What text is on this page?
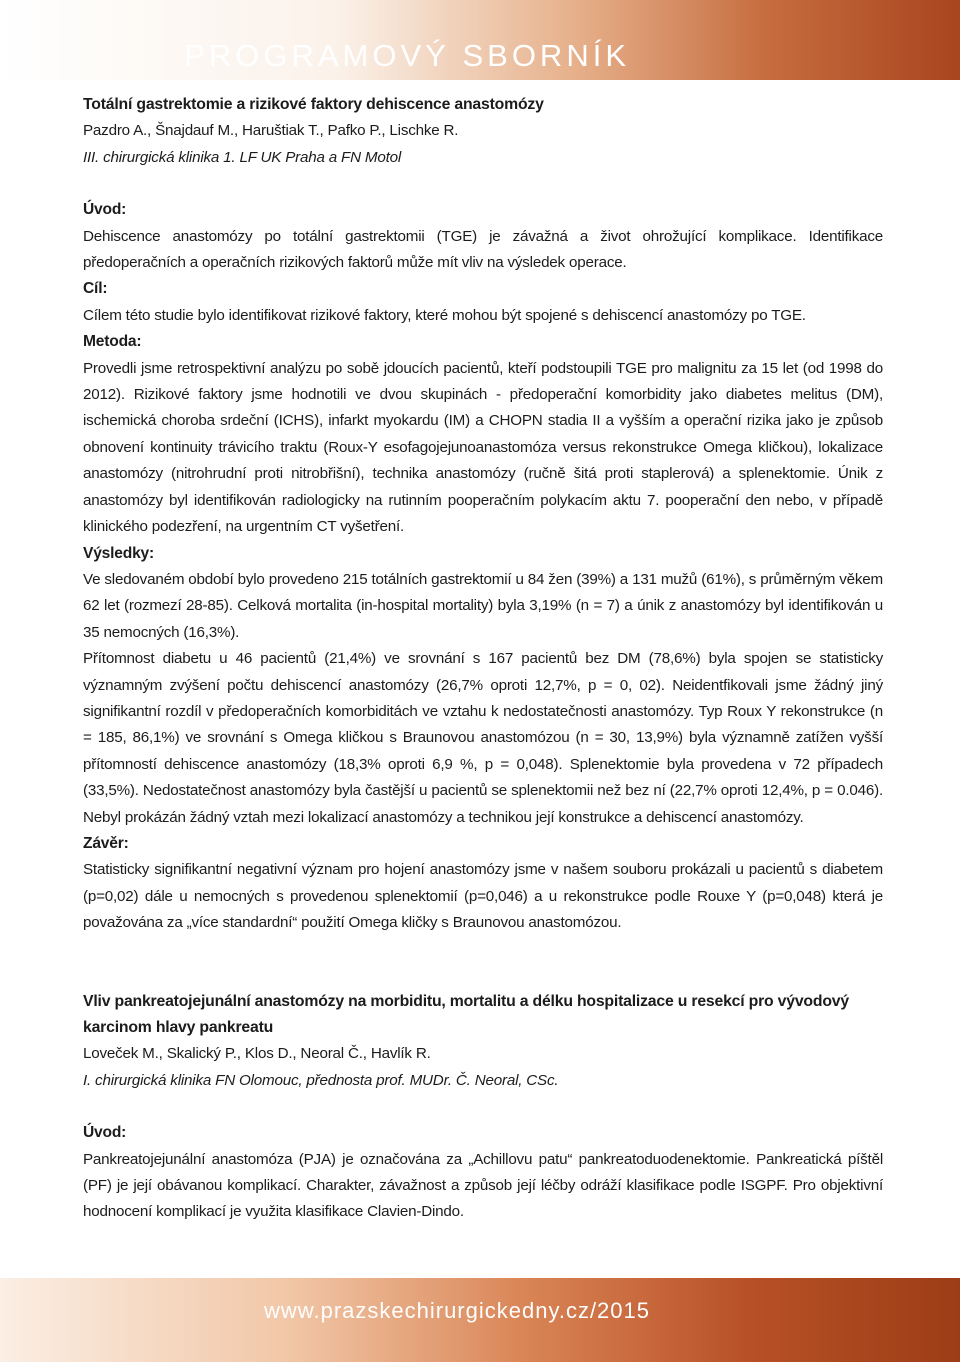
PROGRAMOVÝ SBORNÍK
Totální gastrektomie a rizikové faktory dehiscence anastomózy
Pazdro A., Šnajdauf M., Haruštiak T., Pafko P., Lischke R.
III. chirurgická klinika 1. LF UK Praha a FN Motol
Úvod:
Dehiscence anastomózy po totální gastrektomii (TGE) je závažná a život ohrožující komplikace. Identifikace předoperačních a operačních rizikových faktorů může mít vliv na výsledek operace.
Cíl:
Cílem této studie bylo identifikovat rizikové faktory, které mohou být spojené s dehiscencí anastomózy po TGE.
Metoda:
Provedli jsme retrospektivní analýzu po sobě jdoucích pacientů, kteří podstoupili TGE pro malignitu za 15 let (od 1998 do 2012). Rizikové faktory jsme hodnotili ve dvou skupinách - předoperační komorbidity jako diabetes melitus (DM), ischemická choroba srdeční (ICHS), infarkt myokardu (IM) a CHOPN stadia II a vyšším a operační rizika jako je způsob obnovení kontinuity trávicího traktu (Roux-Y esofagojejunoanastomóza versus rekonstrukce Omega kličkou), lokalizace anastomózy (nitrohrudní proti nitrobřišní), technika anastomózy (ručně šitá proti staplerová) a splenektomie. Únik z anastomózy byl identifikován radiologicky na rutinním pooperačním polykacím aktu 7. pooperační den nebo, v případě klinického podezření, na urgentním CT vyšetření.
Výsledky:
Ve sledovaném období bylo provedeno 215 totálních gastrektomií u 84 žen (39%) a 131 mužů (61%), s průměrným věkem 62 let (rozmezí 28-85). Celková mortalita (in-hospital mortality) byla 3,19% (n = 7) a únik z anastomózy byl identifikován u 35 nemocných (16,3%).
Přítomnost diabetu u 46 pacientů (21,4%) ve srovnání s 167 pacientů bez DM (78,6%) byla spojen se statisticky významným zvýšení počtu dehiscencí anastomózy (26,7% oproti 12,7%, p = 0, 02). Neidentfikovali jsme žádný jiný signifikantní rozdíl v předoperačních komorbiditách ve vztahu k nedostatečnosti anastomózy. Typ Roux Y rekonstrukce (n = 185, 86,1%) ve srovnání s Omega kličkou s Braunovou anastomózou (n = 30, 13,9%) byla významně zatížen vyšší přítomností dehiscence anastomózy (18,3% oproti 6,9 %, p = 0,048). Splenektomie byla provedena v 72 případech (33,5%). Nedostatečnost anastomózy byla častější u pacientů se splenektomii než bez ní (22,7% oproti 12,4%, p = 0.046). Nebyl prokázán žádný vztah mezi lokalizací anastomózy a technikou její konstrukce a dehiscencí anastomózy.
Závěr:
Statisticky signifikantní negativní význam pro hojení anastomózy jsme v našem souboru prokázali u pacientů s diabetem (p=0,02) dále u nemocných s provedenou splenektomií (p=0,046) a u rekonstrukce podle Rouxe Y (p=0,048) která je považována za „více standardní“ použití Omega kličky s Braunovou anastomózou.
Vliv pankreatojejunální anastomózy na morbiditu, mortalitu a délku hospitalizace u resekcí pro vývodový karcinom hlavy pankreatu
Loveček M., Skalický P., Klos D., Neoral Č., Havlík R.
I. chirurgická klinika FN Olomouc, přednosta prof. MUDr. Č. Neoral, CSc.
Úvod:
Pankreatojejunální anastomóza (PJA) je označována za „Achillovu patu“ pankreatoduodenektomie. Pankreatická píštěl (PF) je její obávanou komplikací. Charakter, závažnost a způsob její léčby odráží klasifikace podle ISGPF. Pro objektivní hodnocení komplikací je využita klasifikace Clavien-Dindo.
www.prazskechirurgickedny.cz/2015
